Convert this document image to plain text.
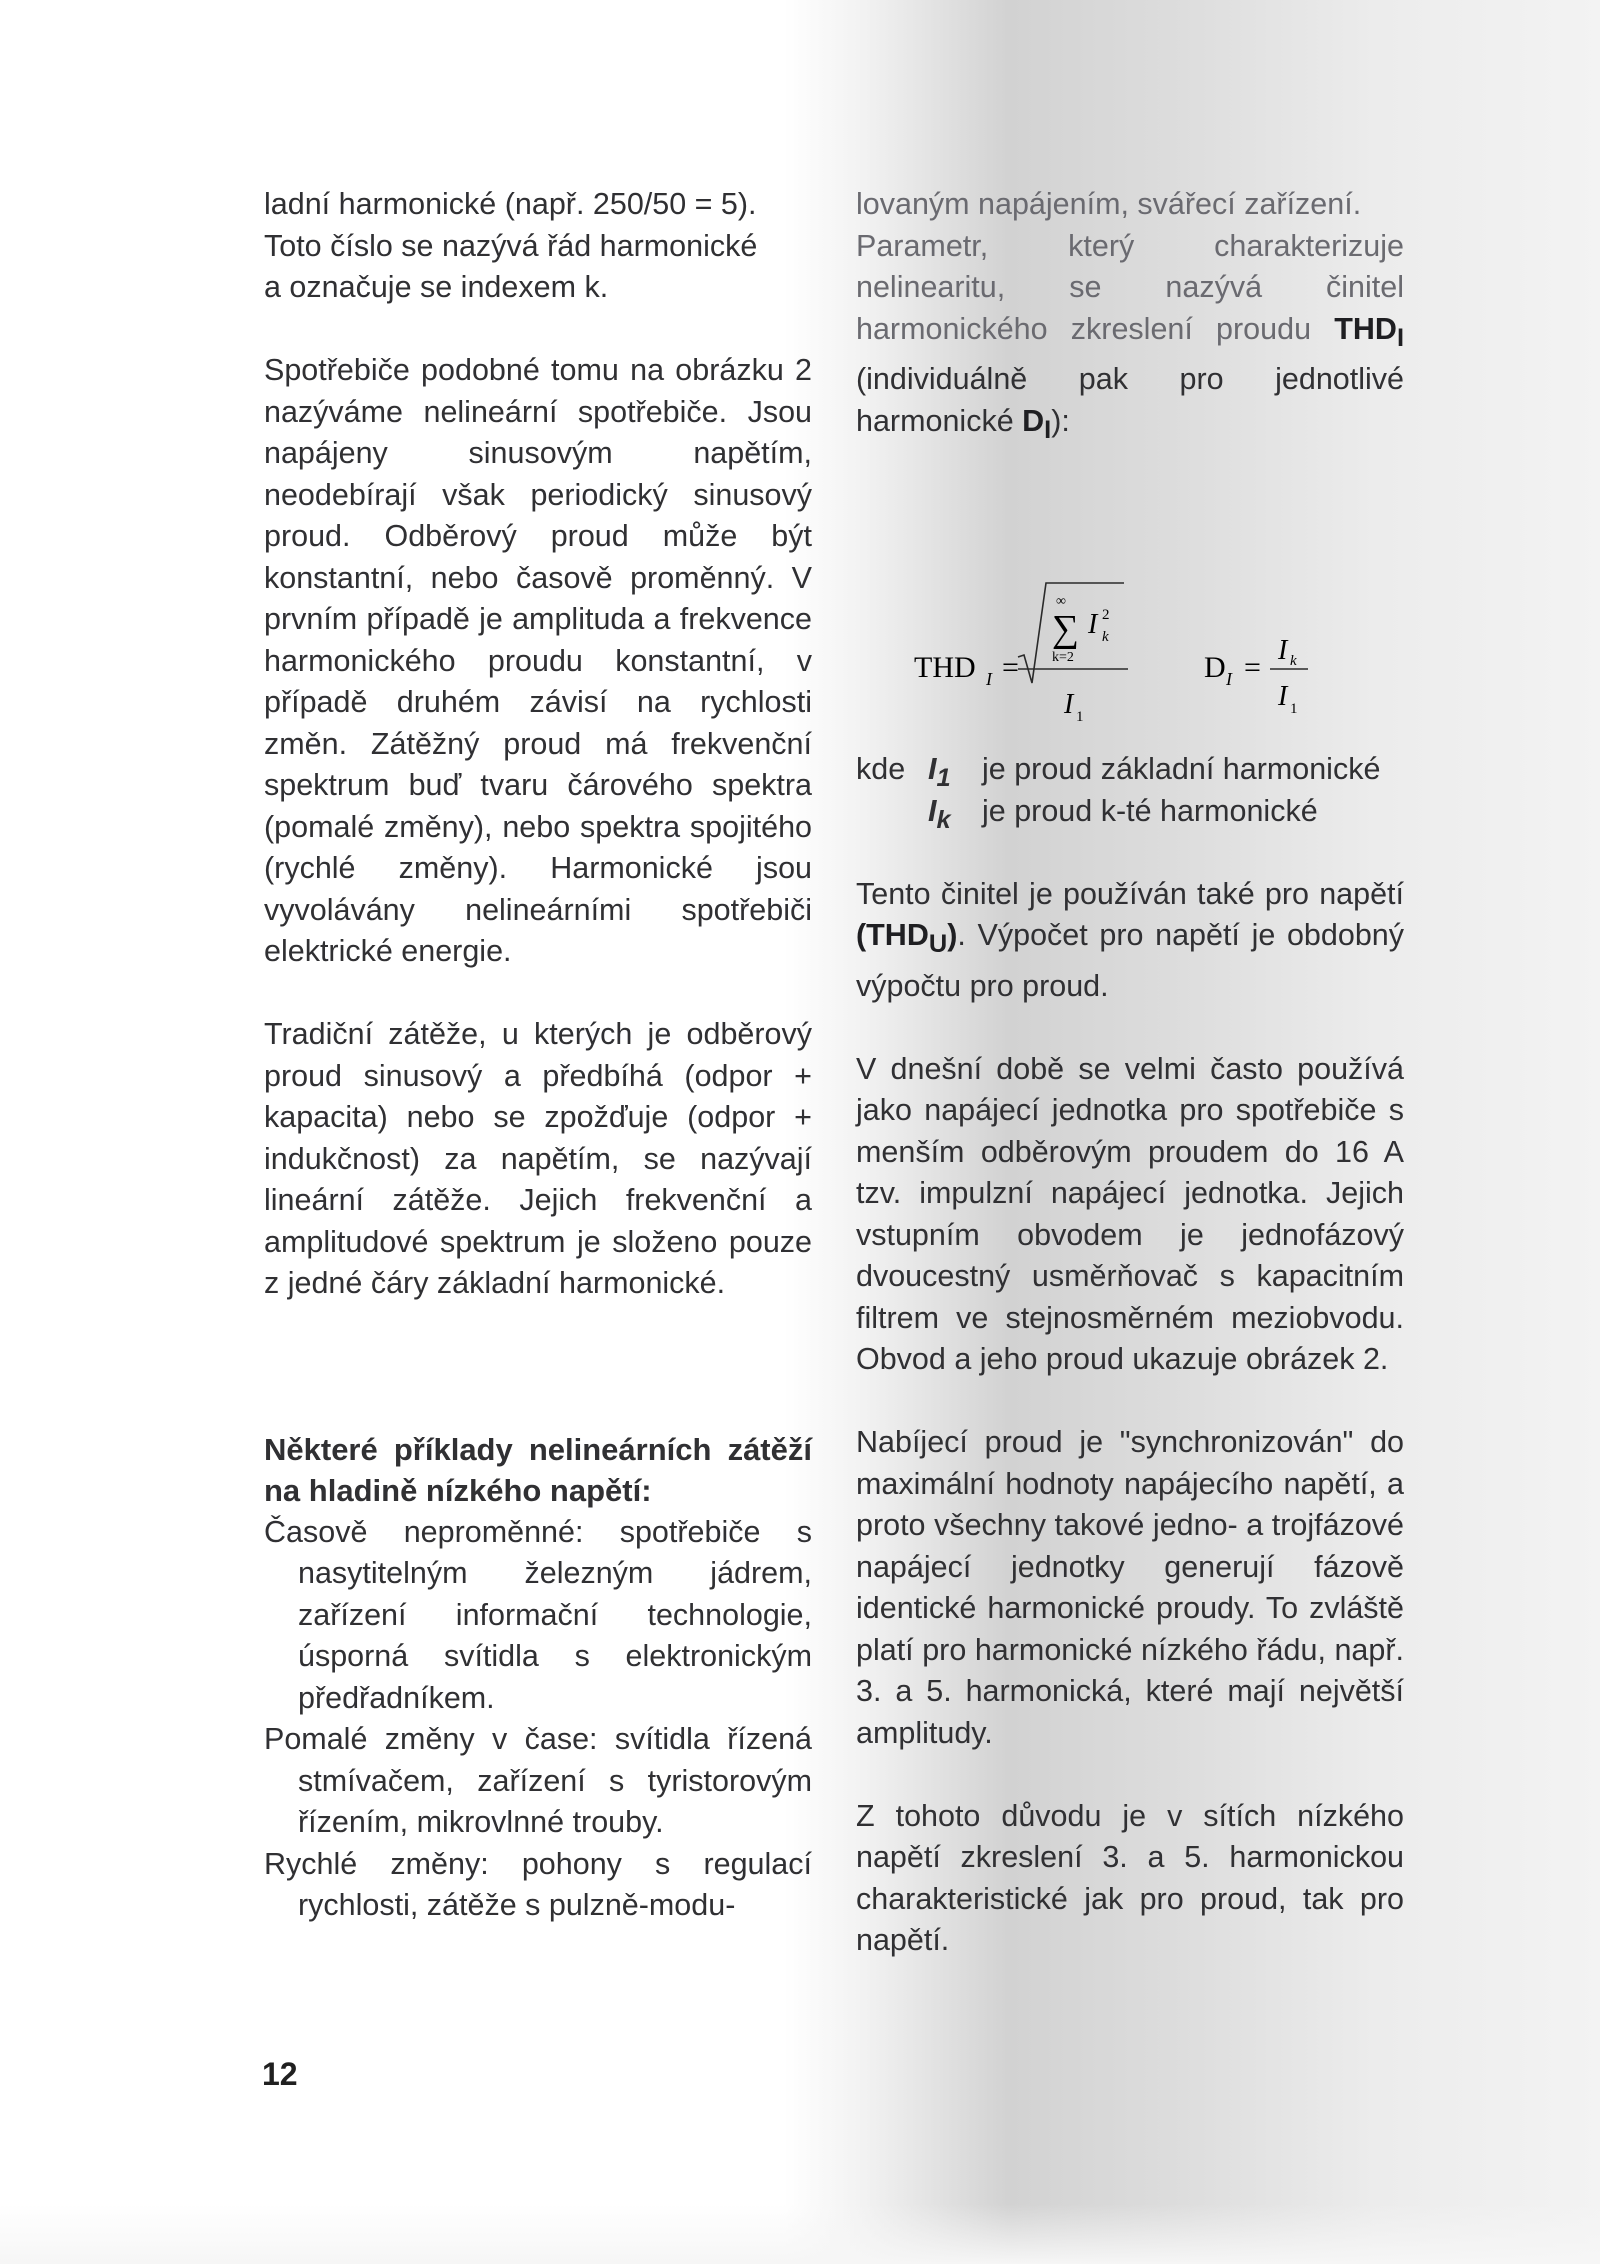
ladní harmonické (např. 250/50 = 5).

Toto číslo se nazývá řád harmonické

a označuje se indexem k.

Spotřebiče podobné tomu na obrázku 2 nazýváme nelineární spotřebiče. Jsou napájeny sinusovým napětím, neodebírají však periodický sinusový proud. Odběrový proud může být konstantní, nebo časově proměnný. V prvním případě je amplituda a frekvence harmonického proudu konstantní, v případě druhém závisí na rychlosti změn. Zátěžný proud má frekvenční spektrum buď tvaru čárového spektra (pomalé změny), nebo spektra spojitého (rychlé změny). Harmonické jsou vyvolávány nelineárními spotřebiči elektrické energie.

Tradiční zátěže, u kterých je odběrový proud sinusový a předbíhá (odpor + kapacita) nebo se zpožďuje (odpor + indukčnost) za napětím, se nazývají lineární zátěže. Jejich frekvenční a amplitudové spektrum je složeno pouze z jedné čáry základní harmonické.

Některé příklady nelineárních zátěží na hladině nízkého napětí:

Časově neproměnné: spotřebiče s nasytitelným železným jádrem, zařízení informační technologie, úsporná svítidla s elektronickým předřadníkem.

Pomalé změny v čase: svítidla řízená stmívačem, zařízení s tyristorovým řízením, mikrovlnné trouby.

Rychlé změny: pohony s regulací rychlosti, zátěže s pulzně-modu-

lovaným napájením, svářecí zařízení.

Parametr, který charakterizuje nelinearitu, se nazývá činitel harmonického zkreslení proudu $THD_I$ (individuálně pak pro jednotlivé harmonické $D_I$):

THD I =
∞
∑
k=2
I 2
k
I 1
D I =
I k
I 1
kde $I_1$	je proud základní harmonické
$I_k$	je proud k-té harmonické

Tento činitel je používán také pro napětí $(THD_U)$. Výpočet pro napětí je obdobný výpočtu pro proud.

V dnešní době se velmi často používá jako napájecí jednotka pro spotřebiče s menším odběrovým proudem do 16 A tzv. impulzní napájecí jednotka. Jejich vstupním obvodem je jednofázový dvoucestný usměrňovač s kapacitním filtrem ve stejnosměrném meziobvodu. Obvod a jeho proud ukazuje obrázek 2.

Nabíjecí proud je "synchronizován" do maximální hodnoty napájecího napětí, a proto všechny takové jedno- a trojfázové napájecí jednotky generují fázově identické harmonické proudy. To zvláště platí pro harmonické nízkého řádu, např. 3. a 5. harmonická, které mají největší amplitudy.

Z tohoto důvodu je v sítích nízkého napětí zkreslení 3. a 5. harmonickou charakteristické jak pro proud, tak pro napětí.

12
